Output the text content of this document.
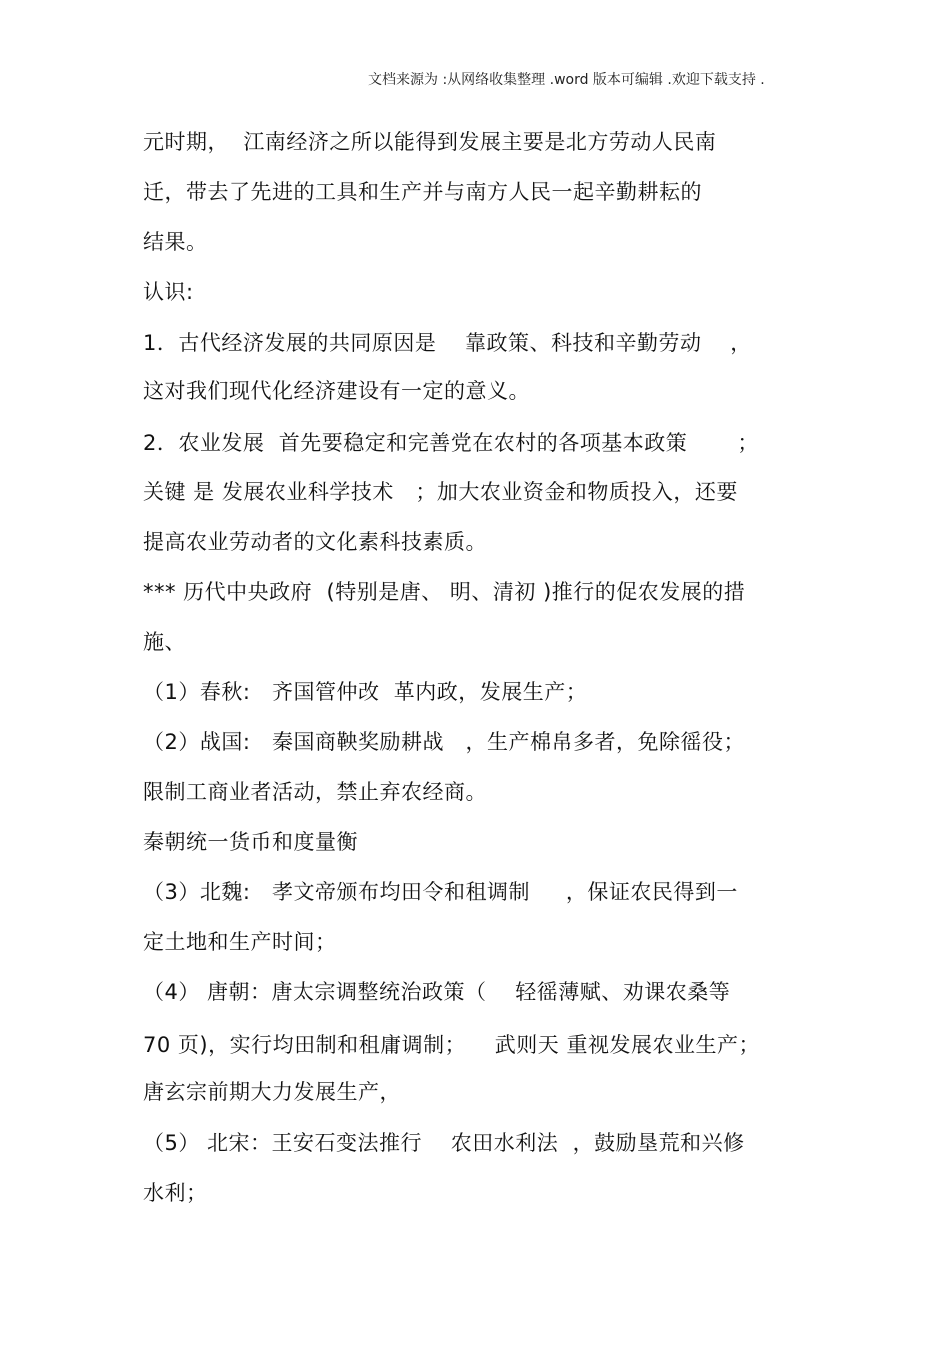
文档来源为 :从网络收集整理 .word 版本可编辑 .欢迎下载支持 .
元时期，  江南经济之所以能得到发展主要是北方劳动人民南
迁，带去了先进的工具和生产并与南方人民一起辛勤耕耘的
结果。
认识:
1．古代经济发展的共同原因是    靠政策、科技和辛勤劳动    ，
这对我们现代化经济建设有一定的意义。
2．农业发展  首先要稳定和完善党在农村的各项基本政策       ；
关键 是 发展农业科学技术   ；加大农业资金和物质投入，还要
提高农业劳动者的文化素科技素质。
*** 历代中央政府  (特别是唐、 明、清初 )推行的促农发展的措
施、
（1）春秋:   齐国管仲改  革内政，发展生产；
（2）战国:   秦国商鞅奖励耕战   ，生产棉帛多者，免除徭役；
限制工商业者活动，禁止弃农经商。
秦朝统一货币和度量衡
（3）北魏:   孝文帝颁布均田令和租调制     ，保证农民得到一
定土地和生产时间；
（4） 唐朝：唐太宗调整统治政策（    轻徭薄赋、劝课农桑等
70 页)，实行均田制和租庸调制；    武则天 重视发展农业生产；
唐玄宗前期大力发展生产，
（5） 北宋：王安石变法推行    农田水利法  ，鼓励垦荒和兴修
水利；
